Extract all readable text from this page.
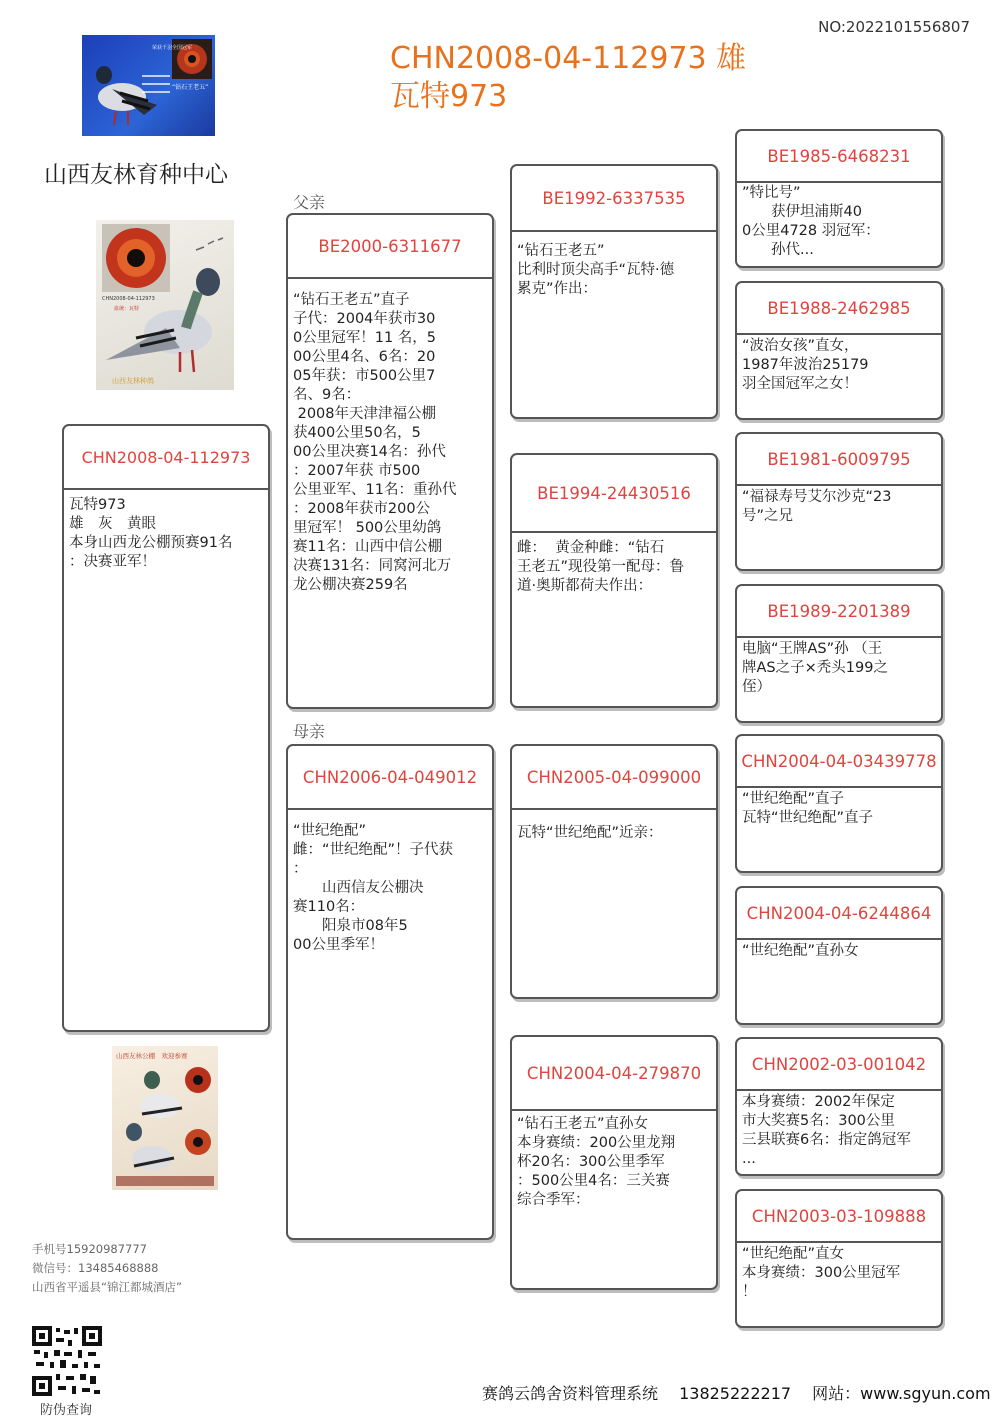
NO:2022101556807
CHN2008-04-112973 雄
瓦特973
“钻石王老五”
荣获千羽全国冠军
山西友林育种中心
CHN2008-04-112973
血统：瓦特
山西友林种鸽
父亲
母亲
CHN2008-04-112973
瓦特973
雄　灰　黄眼
本身山西龙公棚预赛91名
：决赛亚军！
BE2000-6311677
“钻石王老五”直子
子代：2004年获市30
0公里冠军！11 名，5
00公里4名、6名：20
05年获：市500公里7
名、9名：
2008年天津津福公棚
获400公里50名，5
00公里决赛14名：孙代
：2007年获 市500
公里亚军、11名：重孙代
：2008年获市200公
里冠军！ 500公里幼鸽
赛11名：山西中信公棚
决赛131名：同窝河北万
龙公棚决赛259名
CHN2006-04-049012
“世纪绝配”
雌：“世纪绝配”！子代获
：
　　山西信友公棚决
赛110名：
　　阳泉市08年5
00公里季军！
BE1992-6337535
“钻石王老五”
比利时顶尖高手“瓦特·德
累克”作出：
BE1994-24430516
雌：  黄金种雌：“钻石
王老五”现役第一配母：鲁
道·奥斯都荷夫作出：
CHN2005-04-099000
瓦特“世纪绝配”近亲：
CHN2004-04-279870
“钻石王老五”直孙女
本身赛绩：200公里龙翔
杯20名：300公里季军
：500公里4名：三关赛
综合季军：
BE1985-6468231
”特比号”
　　获伊坦浦斯40
0公里4728 羽冠军：
　　孙代...
BE1988-2462985
“波治女孩”直女，
1987年波治25179
羽全国冠军之女！
BE1981-6009795
“福禄寿号艾尔沙克“23
号”之兄
BE1989-2201389
电脑“王牌AS”孙 （王
牌AS之子×秃头199之
侄）
CHN2004-04-03439778
“世纪绝配”直子
瓦特“世纪绝配”直子
CHN2004-04-6244864
“世纪绝配”直孙女
CHN2002-03-001042
本身赛绩：2002年保定
市大奖赛5名：300公里
三县联赛6名：指定鸽冠军
...
CHN2003-03-109888
“世纪绝配”直女
本身赛绩：300公里冠军
！
山西友林公棚　欢迎参赛
手机号15920987777
微信号：13485468888
山西省平遥县“锦江都城酒店”
防伪查询
赛鸽云鸽舍资料管理系统　 13825222217　 网站：www.sgyun.com
